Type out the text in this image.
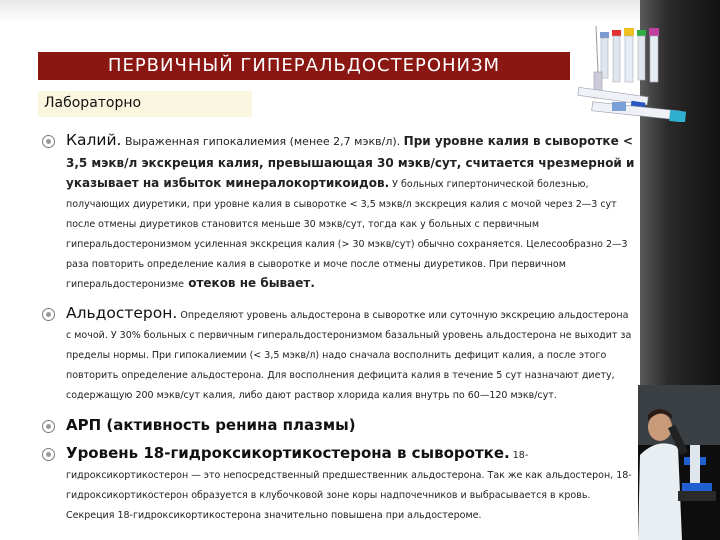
ПЕРВИЧНЫЙ ГИПЕРАЛЬДОСТЕРОНИЗМ
Лабораторно

Калий. Выраженная гипокалиемия (менее 2,7 мэкв/л). При уровне калия в сыворотке < 3,5 мэкв/л экскреция калия, превышающая 30 мэкв/сут, считается чрезмерной и указывает на избыток минералокортикоидов. У больных гипертонической болезнью, получающих диуретики, при уровне калия в сыворотке < 3,5 мэкв/л экскреция калия с мочой через 2—3 сут после отмены диуретиков становится меньше 30 мэкв/сут, тогда как у больных с первичным гиперальдостеронизмом усиленная экскреция калия (> 30 мэкв/сут) обычно сохраняется. Целесообразно 2—3 раза повторить определение калия в сыворотке и моче после отмены диуретиков. При первичном гиперальдостеронизме отеков не бывает.

Альдостерон. Определяют уровень альдостерона в сыворотке или суточную экскрецию альдостерона с мочой. У 30% больных с первичным гиперальдостеронизмом базальный уровень альдостерона не выходит за пределы нормы. При гипокалиемии (< 3,5 мэкв/л) надо сначала восполнить дефицит калия, а после этого повторить определение альдостерона. Для восполнения дефицита калия в течение 5 сут назначают диету, содержащую 200 мэкв/сут калия, либо дают раствор хлорида калия внутрь по 60—120 мэкв/сут.

АРП (активность ренина плазмы)

Уровень 18-гидроксикортикостерона в сыворотке. 18-гидроксикортикостерон — это непосредственный предшественник альдостерона. Так же как альдостерон, 18-гидроксикортикостерон образуется в клубочковой зоне коры надпочечников и выбрасывается в кровь. Секреция 18-гидроксикортикостерона значительно повышена при альдостероме.
